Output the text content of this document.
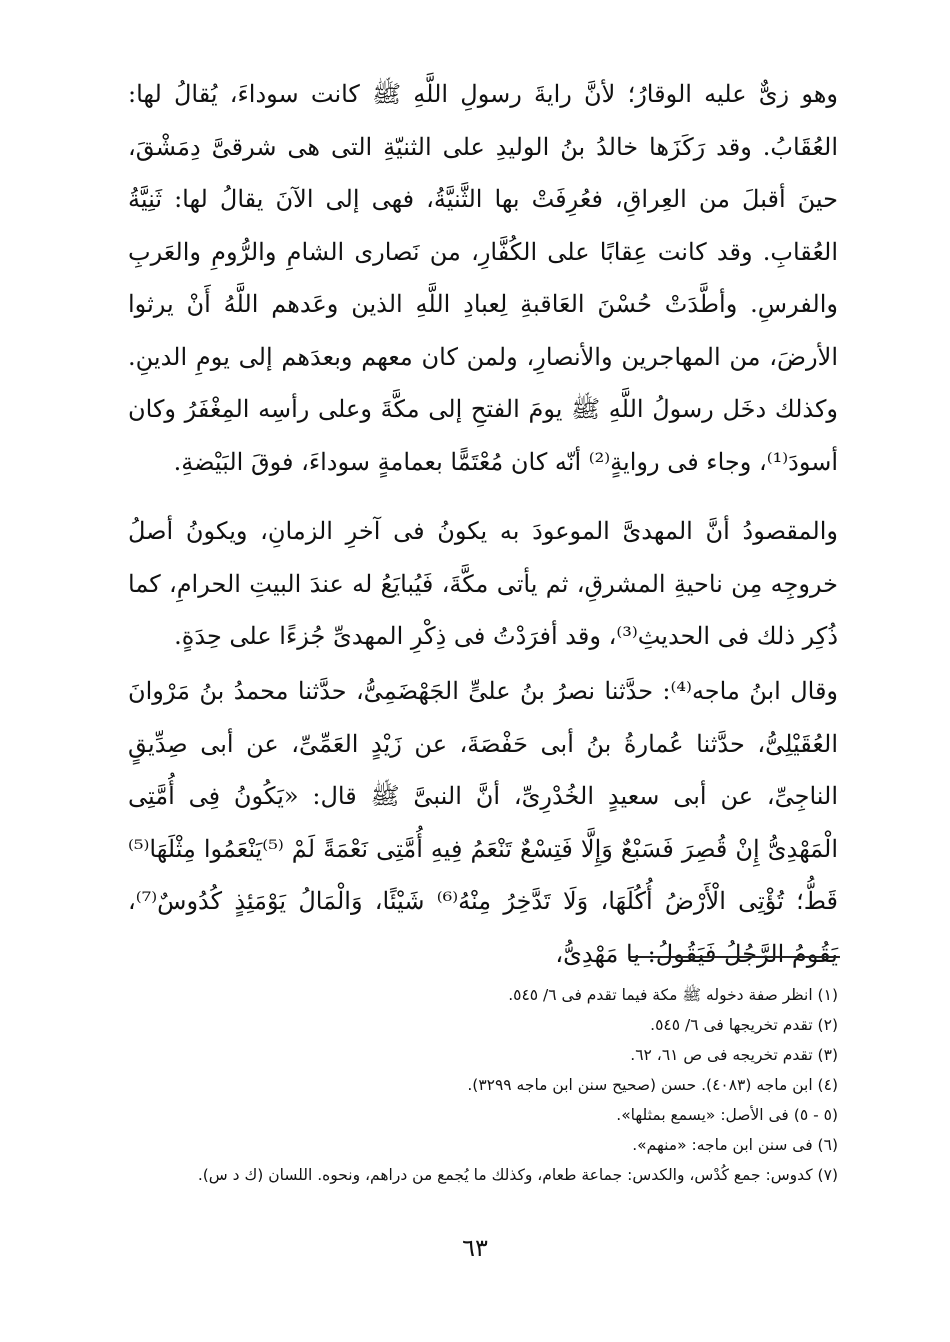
وهو زىٌّ عليه الوقارُ؛ لأنَّ رايةَ رسولِ اللَّهِ ﷺ كانت سوداءَ، يُقالُ لها: العُقَابُ. وقد رَكَزَها خالدُ بنُ الوليدِ على الثنيّةِ التى هى شرقىَّ دِمَشْقَ، حينَ أقبلَ من العِراقِ، فعُرِفَتْ بها الثَّنيَّةُ، فهى إلى الآنَ يقالُ لها: ثَنِيَّةُ العُقابِ. وقد كانت عِقابًا على الكُفَّارِ، من نَصارى الشامِ والرُّومِ والعَربِ والفرسِ. وأطَّدَتْ حُسْنَ العَاقبةِ لِعبادِ اللَّهِ الذين وعَدهم اللَّهُ أَنْ يرثوا الأرضَ، من المهاجرين والأنصارِ، ولمن كان معهم وبعدَهم إلى يومِ الدينِ. وكذلك دخَل رسولُ اللَّهِ ﷺ يومَ الفتحِ إلى مكَّةَ وعلى رأسِه المِغْفَرُ وكان أسودَ⁽¹⁾، وجاء فى روايةٍ⁽²⁾ أنّه كان مُعْتَمًّا بعمامةٍ سوداءَ، فوقَ البَيْضةِ.

والمقصودُ أنَّ المهدىَّ الموعودَ به يكونُ فى آخرِ الزمانِ، ويكونُ أصلُ خروجِه مِن ناحيةِ المشرقِ، ثم يأتى مكَّةَ، فَيُبايَعُ له عندَ البيتِ الحرامِ، كما ذُكِر ذلك فى الحديثِ⁽³⁾، وقد أفرَدْتُ فى ذِكْرِ المهدىِّ جُزءًا على حِدَةٍ.

وقال ابنُ ماجه⁽⁴⁾: حدَّثنا نصرُ بنُ علىٍّ الجَهْضَمِىُّ، حدَّثنا محمدُ بنُ مَرْوانَ العُقَيْلِىُّ، حدَّثنا عُمارةُ بنُ أبى حَفْصَةَ، عن زَيْدٍ العَمِّىِّ، عن أبى صِدِّيقٍ الناجِىِّ، عن أبى سعيدٍ الخُدْرِىِّ، أنَّ النبىَّ ﷺ قال: «يَكُونُ فِى أُمَّتِى الْمَهْدِىُّ إِنْ قُصِرَ فَسَبْعٌ وَإِلَّا فَتِسْعٌ تَنْعَمُ فِيهِ أُمَّتِى نَعْمَةً لَمْ ⁽⁵⁾يَنْعَمُوا مِثْلَهَا⁽⁵⁾ قَطُّ؛ تُؤْتِى الْأَرْضُ أُكُلَهَا، وَلَا تَدَّخِرُ مِنْهُ⁽⁶⁾ شَيْئًا، وَالْمَالُ يَوْمَئِذٍ كُدُوسٌ⁽⁷⁾، يَقُومُ الرَّجُلُ فَيَقُولُ: يا مَهْدِىُّ،

(١) انظر صفة دخوله ﷺ مكة فيما تقدم فى ٦/ ٥٤٥.
(٢) تقدم تخريجها فى ٦/ ٥٤٥.
(٣) تقدم تخريجه فى ص ٦١، ٦٢.
(٤) ابن ماجه (٤٠٨٣). حسن (صحيح سنن ابن ماجه ٣٢٩٩).
(٥ - ٥) فى الأصل: «يسمع بمثلها».
(٦) فى سنن ابن ماجه: «منهم».
(٧) كدوس: جمع كُدْس، والكدس: جماعة طعام، وكذلك ما يُجمع من دراهم، ونحوه. اللسان (ك د س).
٦٣
